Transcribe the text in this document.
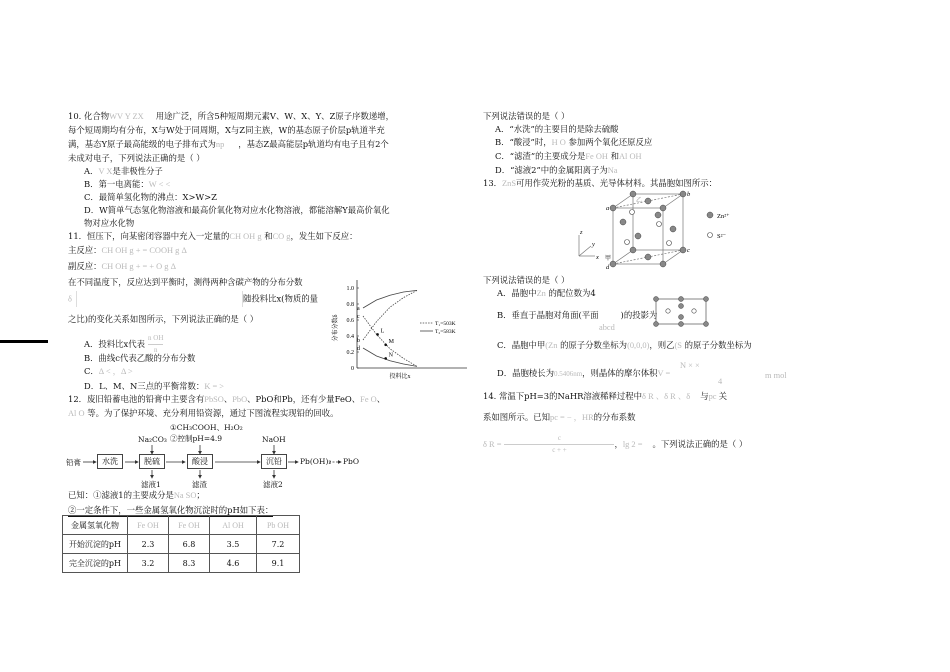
10. 化合物WV Y ZX 用途广泛，所含5种短周期元素V、W、X、Y、Z原子序数递增，
每个短周期均有分布，X与W处于同周期，X与Z同主族，W的基态原子价层p轨道半充
满，基态Y原子最高能级的电子排布式为np ，基态Z最高能层p轨道均有电子且有2个
未成对电子，下列说法正确的是（ ）
A．V X是非极性分子
B．第一电离能：W < <
C．最简单氢化物的沸点：X>W>Z
D．W简单气态氢化物溶液和最高价氧化物对应水化物溶液，都能溶解Y最高价氧化
物对应水化物
11．恒压下，向某密闭容器中充入一定量的CH OH g 和CO g，发生如下反应：
主反应：CH OH g + = COOH g Δ
副反应：CH OH g + = + O g Δ
在不同温度下，反应达到平衡时，测得两种含碳产物的分布分数
δ	随投料比x(物质的量
之比)的变化关系如图所示，下列说法正确的是（ ）
A．投料比x代表 $\frac{\text{n OH}}{n}$
B．曲线c代表乙酸的分布分数
C．Δ < ，Δ >
D．L、M、N三点的平衡常数：K = >
0
0.2
0.4
0.6
0.8
1.0
分布分数δ
投料比x
a
b
c
d
L
M
N
T₁=503K
T₂=583K
12．废旧铅蓄电池的铅膏中主要含有PbSO、PbO、PbO和Pb，还有少量FeO、Fe O、
Al O 等。为了保护环境、充分利用铅资源，通过下图流程实现铅的回收。
①CH₃COOH、H₂O₂
②控制pH=4.9
Na₂CO₃	NaOH
铅膏	水洗	脱硫	酸浸	沉铅	Pb(OH)₂ PbO
滤液1	滤渣	滤液2
已知：①滤液1的主要成分是Na SO；
②一定条件下，一些金属氢氧化物沉淀时的pH如下表：
金属氢氧化物	Fe OH	Fe OH	Al OH	Pb OH
开始沉淀的pH	2.3	6.8	3.5	7.2
完全沉淀的pH	3.2	8.3	4.6	9.1
下列说法错误的是（ ）
A．“水洗”的主要目的是除去硫酸
B．“酸浸”时，H O 参加两个氧化还原反应
C．“滤渣”的主要成分是Fe OH 和Al OH
D．“滤液2”中的金属阳离子为Na
13．ZnS可用作荧光粉的基质、光导体材料。其晶胞如图所示：
Zn²⁺
S²⁻
a
b
c
d
z
y
x 甲
乙
下列说法错误的是（ ）
A．晶胞中Zn 的配位数为4
B．垂直于晶胞对角面(平面	)的投影为
abcd
C．晶胞中甲(Zn 的原子分数坐标为(0,0,0)，则乙(S 的原子分数坐标为
D．晶胞棱长为0.5406nm，则晶体的摩尔体积V =
N × ×
4
m mol
14. 常温下pH=3的NaHR溶液稀释过程中δ R 、δ R 、δ 与pc 关
系如图所示。已知pc = − ，HR的分布系数
δ $R = \frac{c}{c + +}$ ，lg 2 = 。下列说法正确的是（ ）
